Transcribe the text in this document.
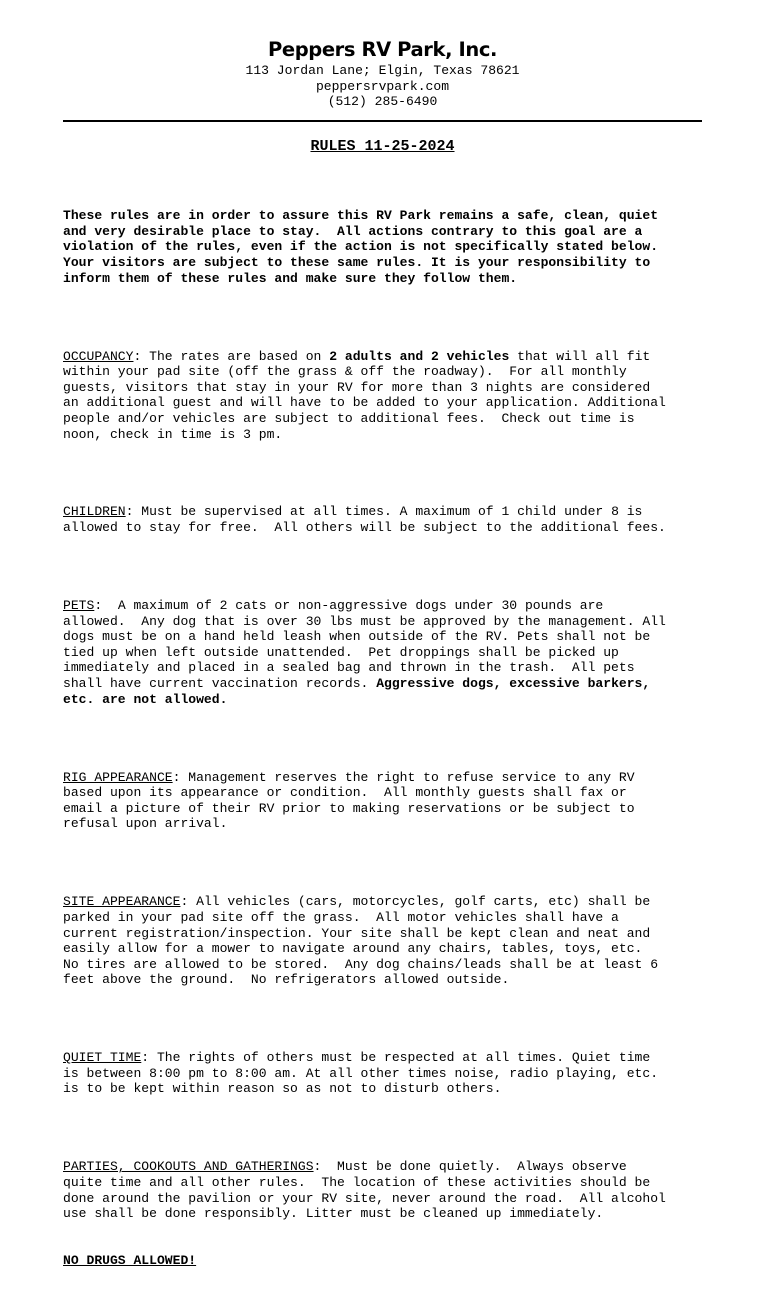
Peppers RV Park, Inc.
113 Jordan Lane; Elgin, Texas 78621
peppersrvpark.com
(512) 285-6490
RULES 11-25-2024

These rules are in order to assure this RV Park remains a safe, clean, quiet
and very desirable place to stay.  All actions contrary to this goal are a
violation of the rules, even if the action is not specifically stated below.
Your visitors are subject to these same rules. It is your responsibility to
inform them of these rules and make sure they follow them.

OCCUPANCY: The rates are based on 2 adults and 2 vehicles that will all fit
within your pad site (off the grass & off the roadway).  For all monthly
guests, visitors that stay in your RV for more than 3 nights are considered
an additional guest and will have to be added to your application. Additional
people and/or vehicles are subject to additional fees.  Check out time is
noon, check in time is 3 pm.

CHILDREN: Must be supervised at all times. A maximum of 1 child under 8 is
allowed to stay for free.  All others will be subject to the additional fees.

PETS:  A maximum of 2 cats or non-aggressive dogs under 30 pounds are
allowed.  Any dog that is over 30 lbs must be approved by the management. All
dogs must be on a hand held leash when outside of the RV. Pets shall not be
tied up when left outside unattended.  Pet droppings shall be picked up
immediately and placed in a sealed bag and thrown in the trash.  All pets
shall have current vaccination records. Aggressive dogs, excessive barkers,
etc. are not allowed.

RIG APPEARANCE: Management reserves the right to refuse service to any RV
based upon its appearance or condition.  All monthly guests shall fax or
email a picture of their RV prior to making reservations or be subject to
refusal upon arrival.

SITE APPEARANCE: All vehicles (cars, motorcycles, golf carts, etc) shall be
parked in your pad site off the grass.  All motor vehicles shall have a
current registration/inspection. Your site shall be kept clean and neat and
easily allow for a mower to navigate around any chairs, tables, toys, etc.
No tires are allowed to be stored.  Any dog chains/leads shall be at least 6
feet above the ground.  No refrigerators allowed outside.

QUIET TIME: The rights of others must be respected at all times. Quiet time
is between 8:00 pm to 8:00 am. At all other times noise, radio playing, etc.
is to be kept within reason so as not to disturb others.

PARTIES, COOKOUTS AND GATHERINGS:  Must be done quietly.  Always observe
quite time and all other rules.  The location of these activities should be
done around the pavilion or your RV site, never around the road.  All alcohol
use shall be done responsibly. Litter must be cleaned up immediately.

NO DRUGS ALLOWED!
